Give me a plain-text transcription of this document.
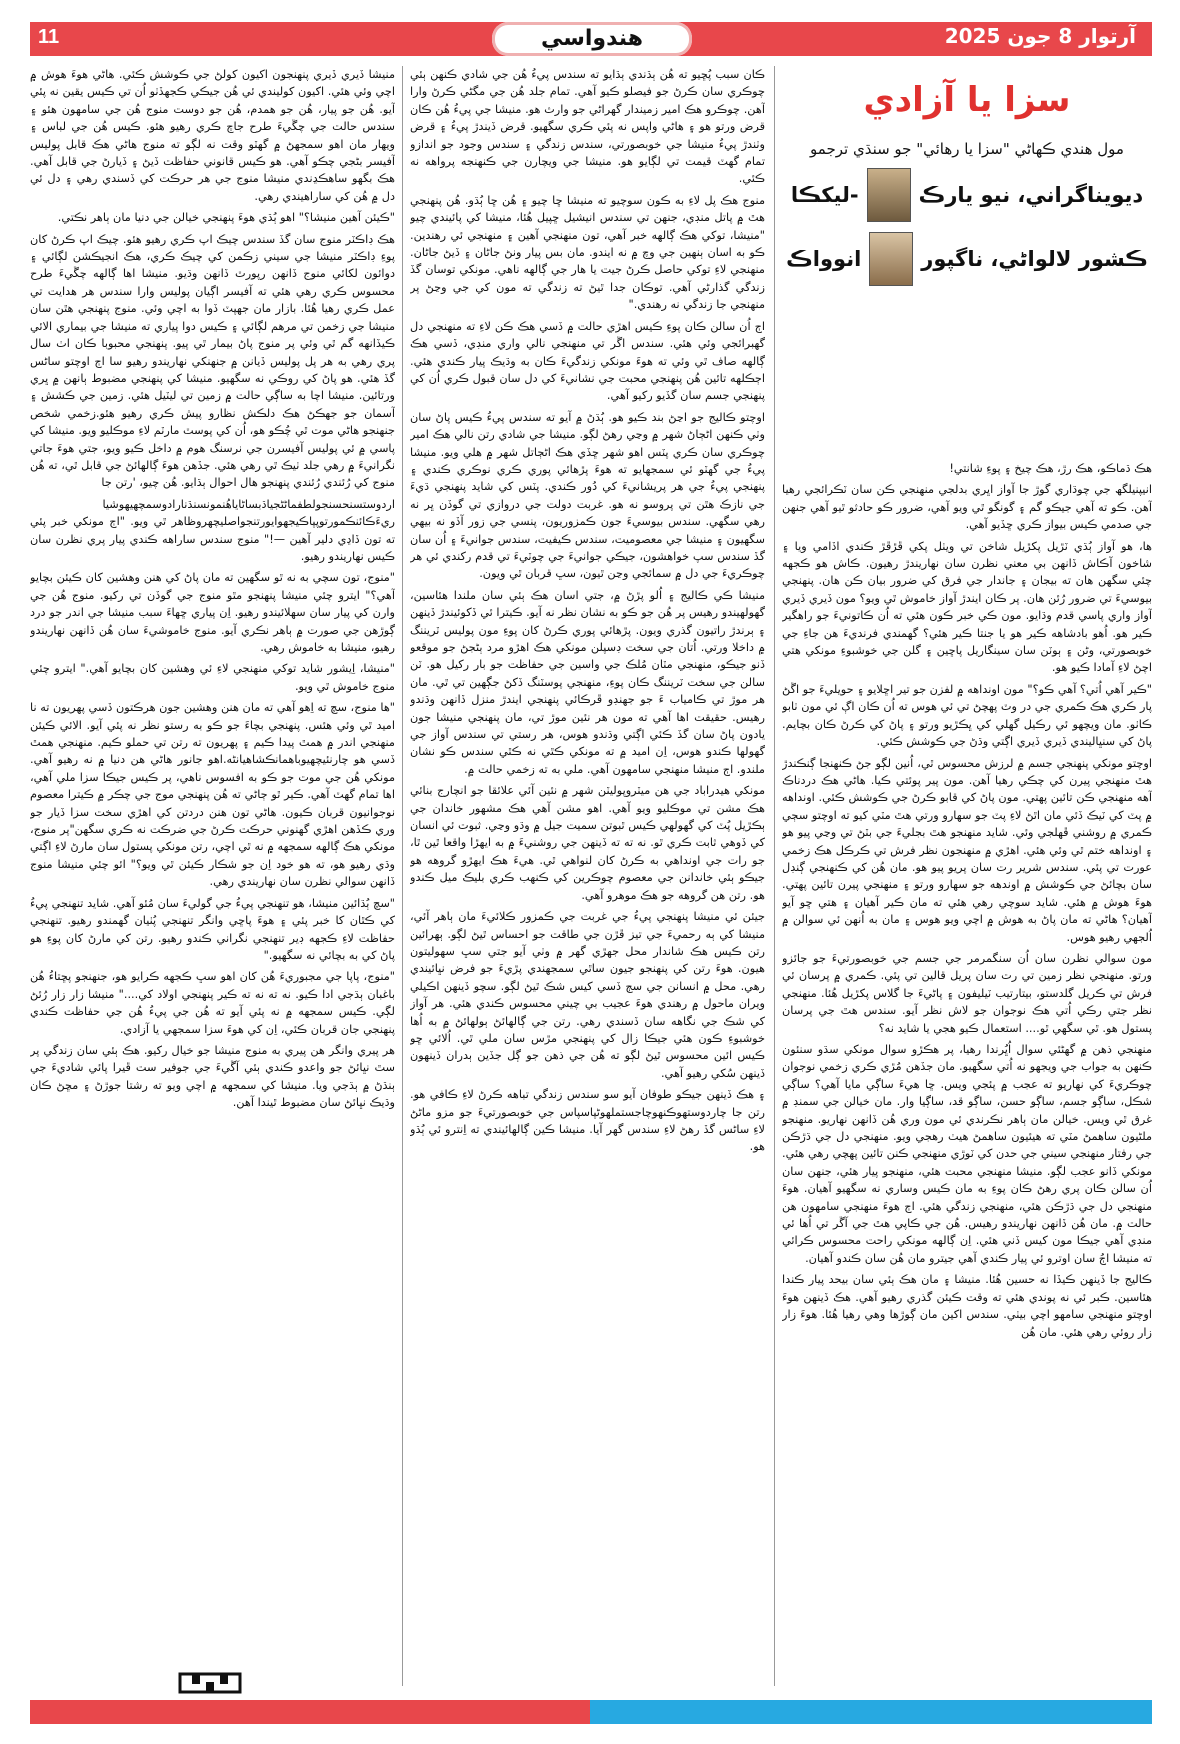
11	هندواسي	آرتوار 8 جون 2025
سزا يا آزادي
مول هندي ڪهاڻي "سزا يا رهائي" جو سنڌي ترجمو
ديويناگراني، نيو يارڪ
-ليکڪا
ڪشور لالواڻي، ناگپور
انوواڪ

هڪ ڌماڪو، هڪ رڙ، هڪ چيخ ۽ پوءِ شانتي!

انيپنيلگھ جي چوڌاري گوڙ جا آواز اڀري بدلجي منهنجي ڪن سان ٽڪرائجي رهيا آهن. ڪو ته آهي جيڪو گم ۽ گونگو ٿي ويو آهي، ضرور ڪو حادثو ٿيو آهي جنهن جي صدمي ڪيس بيواز ڪري ڇڏيو آهي.

ها، هو آواز ٻُڌي ٽڙيل پکڙيل شاخن تي ويٺل پکي ڦڙڦڙ ڪندي اڏامي ويا ۽ شاخون آڪاش ڏانهن بي معني نظرن سان نهاريندڙ رهيون. ڪاش هو ڪجهه چئي سگهن هان ته بيجان ۽ جاندار جي فرق کي ضرور بيان ڪن هان. پنهنجي بيوسيءَ تي ضرور رُئن هان. پر ڪان ايندڙ آواز خاموش ٿي ويو؟ مون ڏيري ڏيري آواز واري پاسي قدم وڌايو. مون ڪي خبر ڪون هئي ته اُن ڪاتونيءَ جو راهگير ڪير هو. اُهو بادشاهه ڪير هو يا جنتا ڪير هئي؟ گهمندي فرنديءَ هن جاءِ جي خوبصورتي، وڻن ۽ ٻوٽن سان سينگاريل پاڇين ۽ گلن جي خوشبوءِ مونکي هتي اچڻ لاءِ آمادا ڪيو هو.

"ڪير آهي اُتي؟ آهي ڪو؟" مون اونداهه ۾ لفزن جو تير اڇلايو ۽ حويليءَ جو اڱڻ پار ڪري هڪ ڪمري جي در وٽ پهچڻ تي ئي هوس ته اُن ڪان اڳ ئي مون ٺابو ڪاٺو. مان ويچھو ئي رڪيل گهلي کي ڀڪڙيو ورتو ۽ پاڻ کي ڪرڻ ڪان بچايم. پاڻ کي سنڀاليندي ڏيري ڏيري اڳتي وڌڻ جي ڪوشش ڪئي.

اوچتو مونکي پنهنجي جسم ۾ لرزش محسوس ٿي، اُنين لڳو جڻ ڪنهنجا ڳنڪندڙ هٿ منهنجي پيرن کي چڪي رهيا آهن. مون پير پوئتي ڪيا. هاڻي هڪ دردناڪ آهه منهنجي ڪن تائين پهتي. مون پاڻ کي قابو ڪرڻ جي ڪوشش ڪئي. اونداهه ۾ پٽ کي ٽيڪ ڏئي مان اٿڻ لاءِ پٽ جو سهارو ورتي هٿ مٽي کيو ته اوچتو سڄي ڪمري ۾ روشني ڦهلجي وئي. شايد منهنجو هٿ بجليءَ جي بٽڻ تي وڃي پيو هو ۽ اونداهه ختم ٿي وئي هئي. اهڙي ۾ منهنجون نظر فرش تي ڪرڪل هڪ زخمي عورت تي پئي. سندس شرير رت سان پريو پيو هو. مان هُن کي ڪنهنجي ڳنڊل سان بچائڻ جي ڪوشش ۾ اوندهه جو سهارو ورتو ۽ منهنجي پيرن تائين پهتي. هوءَ هوش ۾ هئي. شايد سوچي رهي هئي ته مان ڪير آهيان ۽ هتي ڇو آيو آهيان؟ هاڻي ته مان پاڻ به هوش ۾ اچي ويو هوس ۽ مان به اُنهن ئي سوالن ۾ اُلجهي رهيو هوس.

مون سوالي نظرن سان اُن سنگمرمر جي جسم جي خوبصورتيءَ جو جائزو ورتو. منهنجي نظر زمين تي رت سان پريل قالين تي پئي. ڪمري ۾ پرسان ئي فرش تي ڪريل گلدستو، بيتارتيب ٽيليفون ۽ پاڻيءَ جا گلاس پکڙيل هُئا. منهنجي نظر جتي رڪي اُتي هڪ نوجوان جو لاش نظر آيو. سندس هٿ جي پرسان پستول هو. ٿي سگهي ٿو.... استعمال ڪيو هجي يا شايد نه؟

منهنجي ذهن ۾ گهڻئي سوال اُڀُرندا رهيا، پر هڪڙو سوال مونکي سڌو سنئون ڪنهن به جواب جي ويجهو نه اُتي سگهيو. مان جڏهن مُڙي ڪري زخمي نوجوان چوڪريءَ کي نهاريو ته عجب ۾ پئجي ويس. ڇا هيءَ ساڳي مايا آهي؟ ساڳي شڪل، ساڳو جسم، ساڳو حسن، ساڳو قد، ساڳيا وار. مان خيالن جي سمنڊ ۾ غرق ٿي ويس. خيالن مان ٻاهر نڪرندي ئي مون وري هُن ڏانهن نهاريو. منهنجو ملڻيون ساهمڻ مٽي ته هيئيون ساهمڻ هيٺ رهجي ويو. منهنجي دل جي ڌڙڪن جي رفتار منهنجي سيني جي حدن کي ٽوڙي منهنجي ڪنن تائين پهچي رهي هئي. مونکي ڏانو عجب لڳو. منيشا منهنجي محبت هئي، منهنجو پيار هئي، جنهن سان اُن سالن ڪان پري رهڻ ڪان پوءِ به مان ڪيس وساري نه سگهيو آهيان. هوءَ منهنجي دل جي ڌڙڪن هئي، منهنجي زندگي هئي. اڄ هوءَ منهنجي سامهون هن حالت ۾. مان هُن ڏانهن نهاريندو رهيس. هُن جي ڪاپي هٿ جي آڱر تي اُها ئي منڊي آهي جيڪا مون کيس ڏني هئي. اِن ڳالهه مونکي راحت محسوس ڪرائي ته منيشا اڄُ سان اوترو ئي پيار ڪندي آهي جيترو مان هُن سان ڪندو آهيان.

ڪاليج جا ڏينهن ڪيڏا نه حسين هُئا. منيشا ۽ مان هڪ ٻئي سان بيحد پيار ڪندا هئاسين. ڪبر ئي نه پوندي هئي ته وقت ڪيئن گذري رهيو آهي. هڪ ڏينهن هوءَ اوچتو منهنجي سامهو اچي بيٺي. سندس اکين مان ڳوڙها وهي رهيا هُئا. هوءَ زار زار روئي رهي هئي. مان هُن

ڪان سبب پُڇيو ته هُن ٻڌندي ٻڌايو ته سندس پيءُ هُن جي شادي ڪنهن ٻئي چوڪري سان ڪرڻ جو فيصلو ڪيو آهي. تمام جلد هُن جي مگڻي ڪرڻ وارا آهن. چوڪرو هڪ امير زميندار گهراڻي جو وارث هو. منيشا جي پيءُ هُن ڪان قرض ورتو هو ۽ هاڻي واپس نه پئي ڪري سگهيو. قرض ڏيندڙ پيءُ ۽ قرض وٺندڙ پيءُ منيشا جي خوبصورتي، سندس زندگي ۽ سندس وجود جو اندازو تمام گهٽ قيمت تي لڳايو هو. منيشا جي ويچارن جي ڪنهنجه پرواهه نه ڪئي.

منوج هڪ پل لاءِ به ڪون سوچيو ته منيشا ڇا چيو ۽ هُن ڇا ٻُڌو. هُن پنهنجي هٿ ۾ پاتل منڊي، جنهن تي سندس انيشيل ڇپيل هُئا، منيشا کي پائيندي چيو "منيشا، توکي هڪ ڳالهه خبر آهي، تون منهنجي آهين ۽ منهنجي ئي رهندين. ڪو به اسان ٻنهين جي وچ ۾ نه ايندو. مان بس پيار ونڻ جاڻان ۽ ڏيڻ جاڻان. منهنجي لاءِ توکي حاصل ڪرڻ جيت يا هار جي ڳالهه ناهي. مونکي توسان گڏ زندگي گذارڻي آهي. توڪان جدا ٿيڻ ته زندگي ته مون کي جي وڃڻ پر منهنجي جا زندگي نه رهندي."

اڄ اُن سالن ڪان پوءِ ڪيس اهڙي حالت ۾ ڏسي هڪ ڪن لاءِ ته منهنجي دل گهبرائجي وئي هئي. سندس اڱر تي منهنجي نالي واري منڊي، ڏسي هڪ ڳالهه صاف ٿي وئي ته هوءَ مونکي زندگيءَ ڪان به وڌيڪ پيار ڪندي هئي. اڄڪلهه تائين هُن پنهنجي محبت جي نشانيءَ کي دل سان قبول ڪري اُن کي پنهنجي جسم سان گڏيو رکيو آهي.

اوچتو ڪاليج جو اڃڻ بند ڪيو هو. ٻُڌڻ ۾ آيو ته سندس پيءُ ڪيس پاڻ سان وٺي ڪنهن اڻڄاڻ شهر ۾ وڃي رهڻ لڳو. منيشا جي شادي رتن نالي هڪ امير چوڪري سان ڪري پٽس اهو شهر ڇڏي هڪ اڻڄاتل شهر ۾ هلي ويو. منيشا پيءُ جي گهٽو ئي سمجهايو ته هوءَ پڙهائي پوري ڪري نوڪري ڪندي ۽ پنهنجي پيءُ جي هر پريشانيءَ کي دُور ڪندي. پٽس کي شايد پنهنجي ڌيءَ جي نازڪ هٿن تي پروسو نه هو. غربت دولت جي دروازي تي گوڏن ڀر نه رهي سگهي. سندس بيوسيءَ جون ڪمزوريون، پنسي جي زور آڏو نه بيهي سگهيون ۽ منيشا جي معصوميت، سندس ڪيفيت، سندس جوانيءَ ۽ اُن سان گڏ سندس سپ خواهشون، جيڪي جوانيءَ جي چوٽيءَ تي قدم رکندي ئي هر چوڪريءَ جي دل ۾ سمائجي وڃن ٿيون، سڀ قربان ٿي ويون.

منيشا ڪي ڪاليج ۽ اُلو پڙڻ ۾، جتي اسان هڪ ٻئي سان ملندا هئاسين، گهولهيندو رهيس پر هُن جو ڪو به نشان نظر نه آيو. ڪيترا ئي ڏکوئيندڙ ڏينهن ۽ ٻرندڙ راتيون گذري ويون. پڙهائي پوري ڪرڻ کان پوءِ مون پوليس ٽريننگ ۾ داخلا ورتي. اُتان جي سخت ڊسپلن مونکي هڪ اهڙو مرد ٻڻجڻ جو موقعو ڏنو جيڪو، منهنجي مٽان مُلڪ جي واسين جي حفاظت جو بار رکيل هو. ٽن سالن جي سخت ٽريننگ ڪان پوءِ، منهنجي پوسٽنگ ڏکڻ جڳهين تي ٿي. مان هر موڙ تي ڪامياب ءَ جو جهنڊو ڦرڪائي پنهنجي ايندڙ منزل ڏانهن وڌندو رهيس. حقيقت اها آهي ته مون هر نئين موڙ تي، مان پنهنجي منيشا جون يادون پاڻ سان گڏ ڪئي اڳتي وڌندو هوس، هر رستي تي سندس آواز جي گهولها ڪندو هوس، اِن اميد ۾ ته مونکي ڪٿي نه ڪٿي سندس ڪو نشان ملندو. اڄ منيشا منهنجي سامهون آهي. ملي به ته زخمي حالت ۾.

مونکي هيدراباد جي هن ميٽروپوليٽن شهر ۾ نئين آئي علائقا جو انچارج بنائي هڪ مشن تي موڪليو ويو آهي. اهو مشن آهي هڪ مشهور خاندان جي ٻڪڙيل پُٽ کي گهولهي ڪيس ٿبوتن سميت جيل ۾ وڌو وڃي. ثبوت ئي انسان کي ڏوهي ثابت ڪري ٿو. نه ته ته ڏينهن جي روشنيءَ ۾ به ايهڙا واقعا ٿين ٿا، جو رات جي اونداهي به ڪرڻ کان لنواهي ٿي. هيءَ هڪ ايهڙو گروهه هو جيڪو ٻئي خاندانن جي معصوم چوڪرين کي ڪنهب ڪري بليڪ ميل ڪندو هو. رتن هن گروهه جو هڪ موهرو آهي.

جيئن ئي منيشا پنهنجي پيءُ جي غربت جي ڪمزور ڪلائيءَ مان ٻاهر آئي، منيشا کي ٻه رحميءَ جي تيز ڦڙن جي طاقت جو احساس ٿيڻ لڳو. ٻهرائين رتن ڪيس هڪ شاندار محل جهڙي گهر ۾ وٺي آيو جتي سڀ سهوليتون هيون. هوءَ رتن کي پنهنجو جيون ساٿي سمجهندي پڙيءَ جو فرض نڀائيندي رهي. محل ۾ انسانن جي سڄ ڏسي کيس شڪ ٿيڻ لڳو. سچو ڏينهن اڪيلي ويران ماحول ۾ رهندي هوءَ عجيب بي چيني محسوس ڪندي هئي. هر آواز کي شڪ جي نگاهه سان ڏسندي رهي. رتن جي ڳالهائڻ ٻولهائڻ ۾ به اُها خوشبوءِ ڪون هئي جيڪا زال کي پنهنجي مڙس سان ملي ٿي. اُلائي ڇو ڪيس ائين محسوس ٿيڻ لڳو ته هُن جي ذهن جو ڳل جڏين ٻدران ڏينهون ڏينهن سُکي رهيو آهي.

۽ هڪ ڏينهن جيڪو طوفان آيو سو سندس زندگي تباهه ڪرڻ لاءِ ڪافي هو. رتن جا چاردوستهوڪنهوچاجستملهوڻپاسپاس جي خوبصورتيءَ جو مزو ماڻڻ لاءِ ساڻس گڏ رهڻ لاءِ سندس گهر آيا. منيشا ڪين ڳالهائيندي ته اِنترو ئي ٻُڌو هو.

منيشا ڏيري ڏيري پنهنجون اکيون کولڻ جي ڪوشش ڪئي. هاڻي هوءَ هوش ۾ اچي وئي هئي. اکيون کوليندي ئي هُن جيڪي ڪجهڏٺو اُن تي ڪيس يقين نه پئي آيو. هُن جو پيار، هُن جو همدم، هُن جو دوست منوج هُن جي سامهون هئو ۽ سندس حالت جي چڱيءَ طرح جاچ ڪري رهيو هئو. ڪيس هُن جي لباس ۽ ويهار مان اهو سمجهڻ ۾ گهٽو وقت نه لڳو ته منوج هاڻي هڪ قابل پوليس آفيسر بڻجي چڪو آهي. هو ڪيس قانوني حفاظت ڏيڻ ۽ ڏيارڻ جي قابل آهي. هڪ بگهو ساهڪڍندي منيشا منوج جي هر حرڪت کي ڏسندي رهي ۽ دل ئي دل ۾ هُن کي ساراهيندي رهي.

"ڪيئن آهين منيشا؟" اهو ٻُڌي هوءَ پنهنجي خيالن جي دنيا مان ٻاهر نڪتي.

هڪ ڊاڪٽر منوج سان گڏ سندس چيڪ اپ ڪري رهيو هئو. چيڪ اپ ڪرڻ کان پوءِ ڊاڪٽر منيشا جي سيني زڪمن کي چيڪ ڪري، هڪ انجيڪشن لڳائي ۽ دوائون لکائي منوج ڏانهن رپورٽ ڏانهن وڌيو. منيشا اها ڳالهه چڱيءَ طرح محسوس ڪري رهي هئي ته آفيسر اڳيان پوليس وارا سندس هر هدايت تي عمل ڪري رهيا هُئا. بازار مان جهپٽ ڏوا به اچي وئي. منوج پنهنجي هٿن سان منيشا جي زخمن تي مرهم لڳائي ۽ ڪيس دوا پياري ته منيشا جي بيماري الائي ڪيڏانهه گم ٿي وئي پر منوج پاڻ بيمار ٿي پيو. پنهنجي محبوبا ڪان اٺ سال پري رهي به هر پل پوليس ڏيانن ۾ جنهنکي نهاريندو رهيو سا اڄ اوچتو ساڻس گڏ هئي. هو پاڻ کي روڪي نه سگهيو. منيشا کي پنهنجي مضبوط ٻانهن ۾ ڀري ورتائين. منيشا اچا به ساڳي حالت ۾ زمين تي ليٽيل هئي. زمين جي ڪشش ۽ آسمان جو جهڪڻ هڪ دلڪش نظارو پيش ڪري رهيو هئو.زخمي شخص جنهنجو هاڻي موت ٿي چُڪو هو، اُن کي پوسٽ مارٽم لاءِ موڪليو ويو. منيشا کي پاسي ۾ ئي پوليس آفيسرن جي نرسنگ هوم ۾ داخل ڪيو ويو، جتي هوءَ جاتي نگرانيءَ ۾ رهي جلد ٺيڪ ٿي رهي هئي. جڏهن هوءَ ڳالهائڻ جي قابل ٿي، ته هُن منوج کي رُئندي رُئندي پنهنجو هال احوال ٻڌايو. هُن چيو، 'رتن جا

اردوستسنحسنجولطفماڻڻجياڌبساڻاياهُنمونسنڌنارادوسمچهيهوشيا ريءَڪائنڪمورتوپپاڪيجهوايورتنجواصليچهروظاهر ٿي ويو. "اڄ مونکي خبر پئي ته تون ڏاڍي دلير آهين —!" منوج سندس ساراهه ڪندي پيار پري نظرن سان ڪيس نهاريندو رهيو.

"منوج، تون سچي به نه ٿو سگهين ته مان پاڻ کي هنن وهشين کان ڪيئن بچايو آهي؟" ايترو چئي منيشا پنهنجو مٿو منوج جي گوڏن تي رکيو. منوج هُن جي وارن کي پيار سان سهلائيندو رهيو. اِن پياري ڇهاءَ سبب منيشا جي اندر جو درد ڳوڙهن جي صورت ۾ ٻاهر نڪري آيو. منوج خاموشيءَ سان هُن ڏانهن نهاريندو رهيو، منيشا به خاموش رهي.

"منيشا، اِيشور شايد توکي منهنجي لاءِ ئي وهشين کان بچايو آهي." ايترو چئي منوج خاموش ٿي ويو.

"ها منوج، سچ ته اِهو آهي ته مان هنن وهشين جون هرڪتون ڏسي پهريون ته نا اميد ٿي وئي هئس. پنهنجي بچاءَ جو ڪو به رستو نظر نه پئي آيو. الائي ڪيئن منهنجي اندر ۾ همٿ پيدا ڪيم ۽ پهريون ته رتن تي حملو ڪيم. منهنجي همٿ ڏسي هو چارنئيچهيوباهمانڪشاهيانڻه.اهو جانور هاڻي هن دنيا ۾ نه رهيو آهي. مونکي هُن جي موت جو ڪو به افسوس ناهي، پر ڪيس جيڪا سزا ملي آهي، اها تمام گهٽ آهي. ڪير ٿو ڄاڻي ته هُن پنهنجي موج جي چڪر ۾ ڪيترا معصوم نوجوانيون قربان ڪيون. هاڻي تون هنن دردتن کي اهڙي سخت سزا ڏيار جو وري ڪڏهن اهڙي گهنوني حرڪت ڪرڻ جي ضرڪت نه ڪري سگهن"پر منوج، مونکي هڪ ڳالهه سمجهه ۾ نه ٿي اچي، رتن مونکي پستول سان مارڻ لاءِ اڳتي وڌي رهيو هو، ته هو خود اِن جو شڪار ڪيئن ٿي ويو؟" ائو چئي منيشا منوج ڏانهن سوالي نظرن سان نهاريندي رهي.

"سچ ٻُڌائين منيشا، هو تنهنجي پيءُ جي گوليءَ سان مُئو آهي. شايد تنهنجي پيءُ کي ڪٿان کا خبر پئي ۽ هوءَ پاڇي وانگر تنهنجي پُٺيان گهمندو رهيو. تنهنجي حفاظت لاءِ ڪجهه ڊير تنهنجي نگراني ڪندو رهيو. رتن کي مارڻ کان پوءِ هو پاڻ کي به بچائي نه سگهيو."

"منوج، پاپا جي مجبوريءَ هُن کان اهو سڀ ڪجهه ڪرايو هو، جنهنجو پڇتاءُ هُن باغبان ٻڌجي ادا ڪيو. نه ته نه ته ڪير پنهنجي اولاد کي...." منيشا زار زار رُئڻ لڳي. ڪيس سمجهه ۾ نه پئي آيو ته هُن جي پيءُ هُن جي حفاظت ڪندي پنهنجي جان قربان ڪئي، اِن کي هوءَ سزا سمجهي يا آزادي.

هر پيري وانگر هن پيري به منوج منيشا جو خيال رکيو. هڪ ٻئي سان زندگي پر سٿ نڀائڻ جو واعدو ڪندي ٻئي آڱيءَ جي جوفير ست ڦيرا پائي شاديءَ جي ٻنڌڻ ۾ ٻڌجي ويا. منيشا کي سمجهه ۾ اچي ويو ته رشتا جوڙڻ ۽ مڇڻ ڪان وڌيڪ نڀائڻ سان مضبوط ٿيندا آهن.
